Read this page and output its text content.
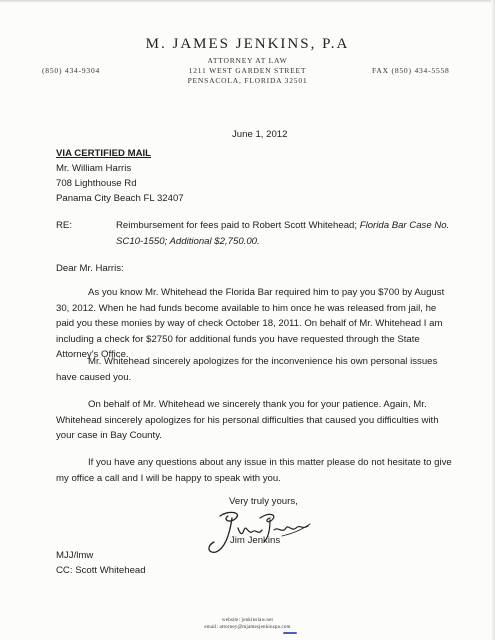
M. JAMES JENKINS, P.A
ATTORNEY AT LAW
(850) 434-9304	1211 WEST GARDEN STREET	FAX (850) 434-5558
PENSACOLA, FLORIDA 32501
June 1, 2012
VIA CERTIFIED MAIL
Mr. William Harris
708 Lighthouse Rd
Panama City Beach FL 32407
RE:	Reimbursement for fees paid to Robert Scott Whitehead; Florida Bar Case No. SC10-1550; Additional $2,750.00.
Dear Mr. Harris:
As you know Mr. Whitehead the Florida Bar required him to pay you $700 by August 30, 2012. When he had funds become available to him once he was released from jail, he paid you these monies by way of check October 18, 2011. On behalf of Mr. Whitehead I am including a check for $2750 for additional funds you have requested through the State Attorney's Office.
Mr. Whitehead sincerely apologizes for the inconvenience his own personal issues have caused you.
On behalf of Mr. Whitehead we sincerely thank you for your patience. Again, Mr. Whitehead sincerely apologizes for his personal difficulties that caused you difficulties with your case in Bay County.
If you have any questions about any issue in this matter please do not hesitate to give my office a call and I will be happy to speak with you.
Very truly yours,
Jim Jenkins
MJJ/lmw
CC: Scott Whitehead
website: jenkinslaw.net
email: attorney@mjamesjenkinspa.com
